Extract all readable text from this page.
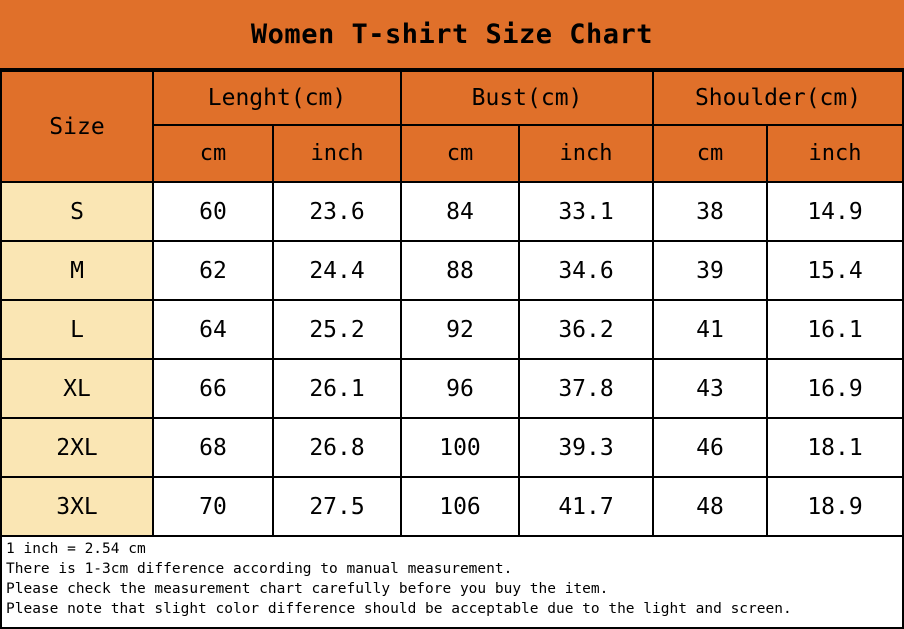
Women T-shirt Size Chart
Size	Lenght(cm)		Bust(cm)		Shoulder(cm)	
	cm	inch	cm	inch	cm	inch
S	60	23.6	84	33.1	38	14.9
M	62	24.4	88	34.6	39	15.4
L	64	25.2	92	36.2	41	16.1
XL	66	26.1	96	37.8	43	16.9
2XL	68	26.8	100	39.3	46	18.1
3XL	70	27.5	106	41.7	48	18.9
1 inch = 2.54 cm
There is 1-3cm difference according to manual measurement.
Please check the measurement chart carefully before you buy the item.
Please note that slight color difference should be acceptable due to the light and screen.
